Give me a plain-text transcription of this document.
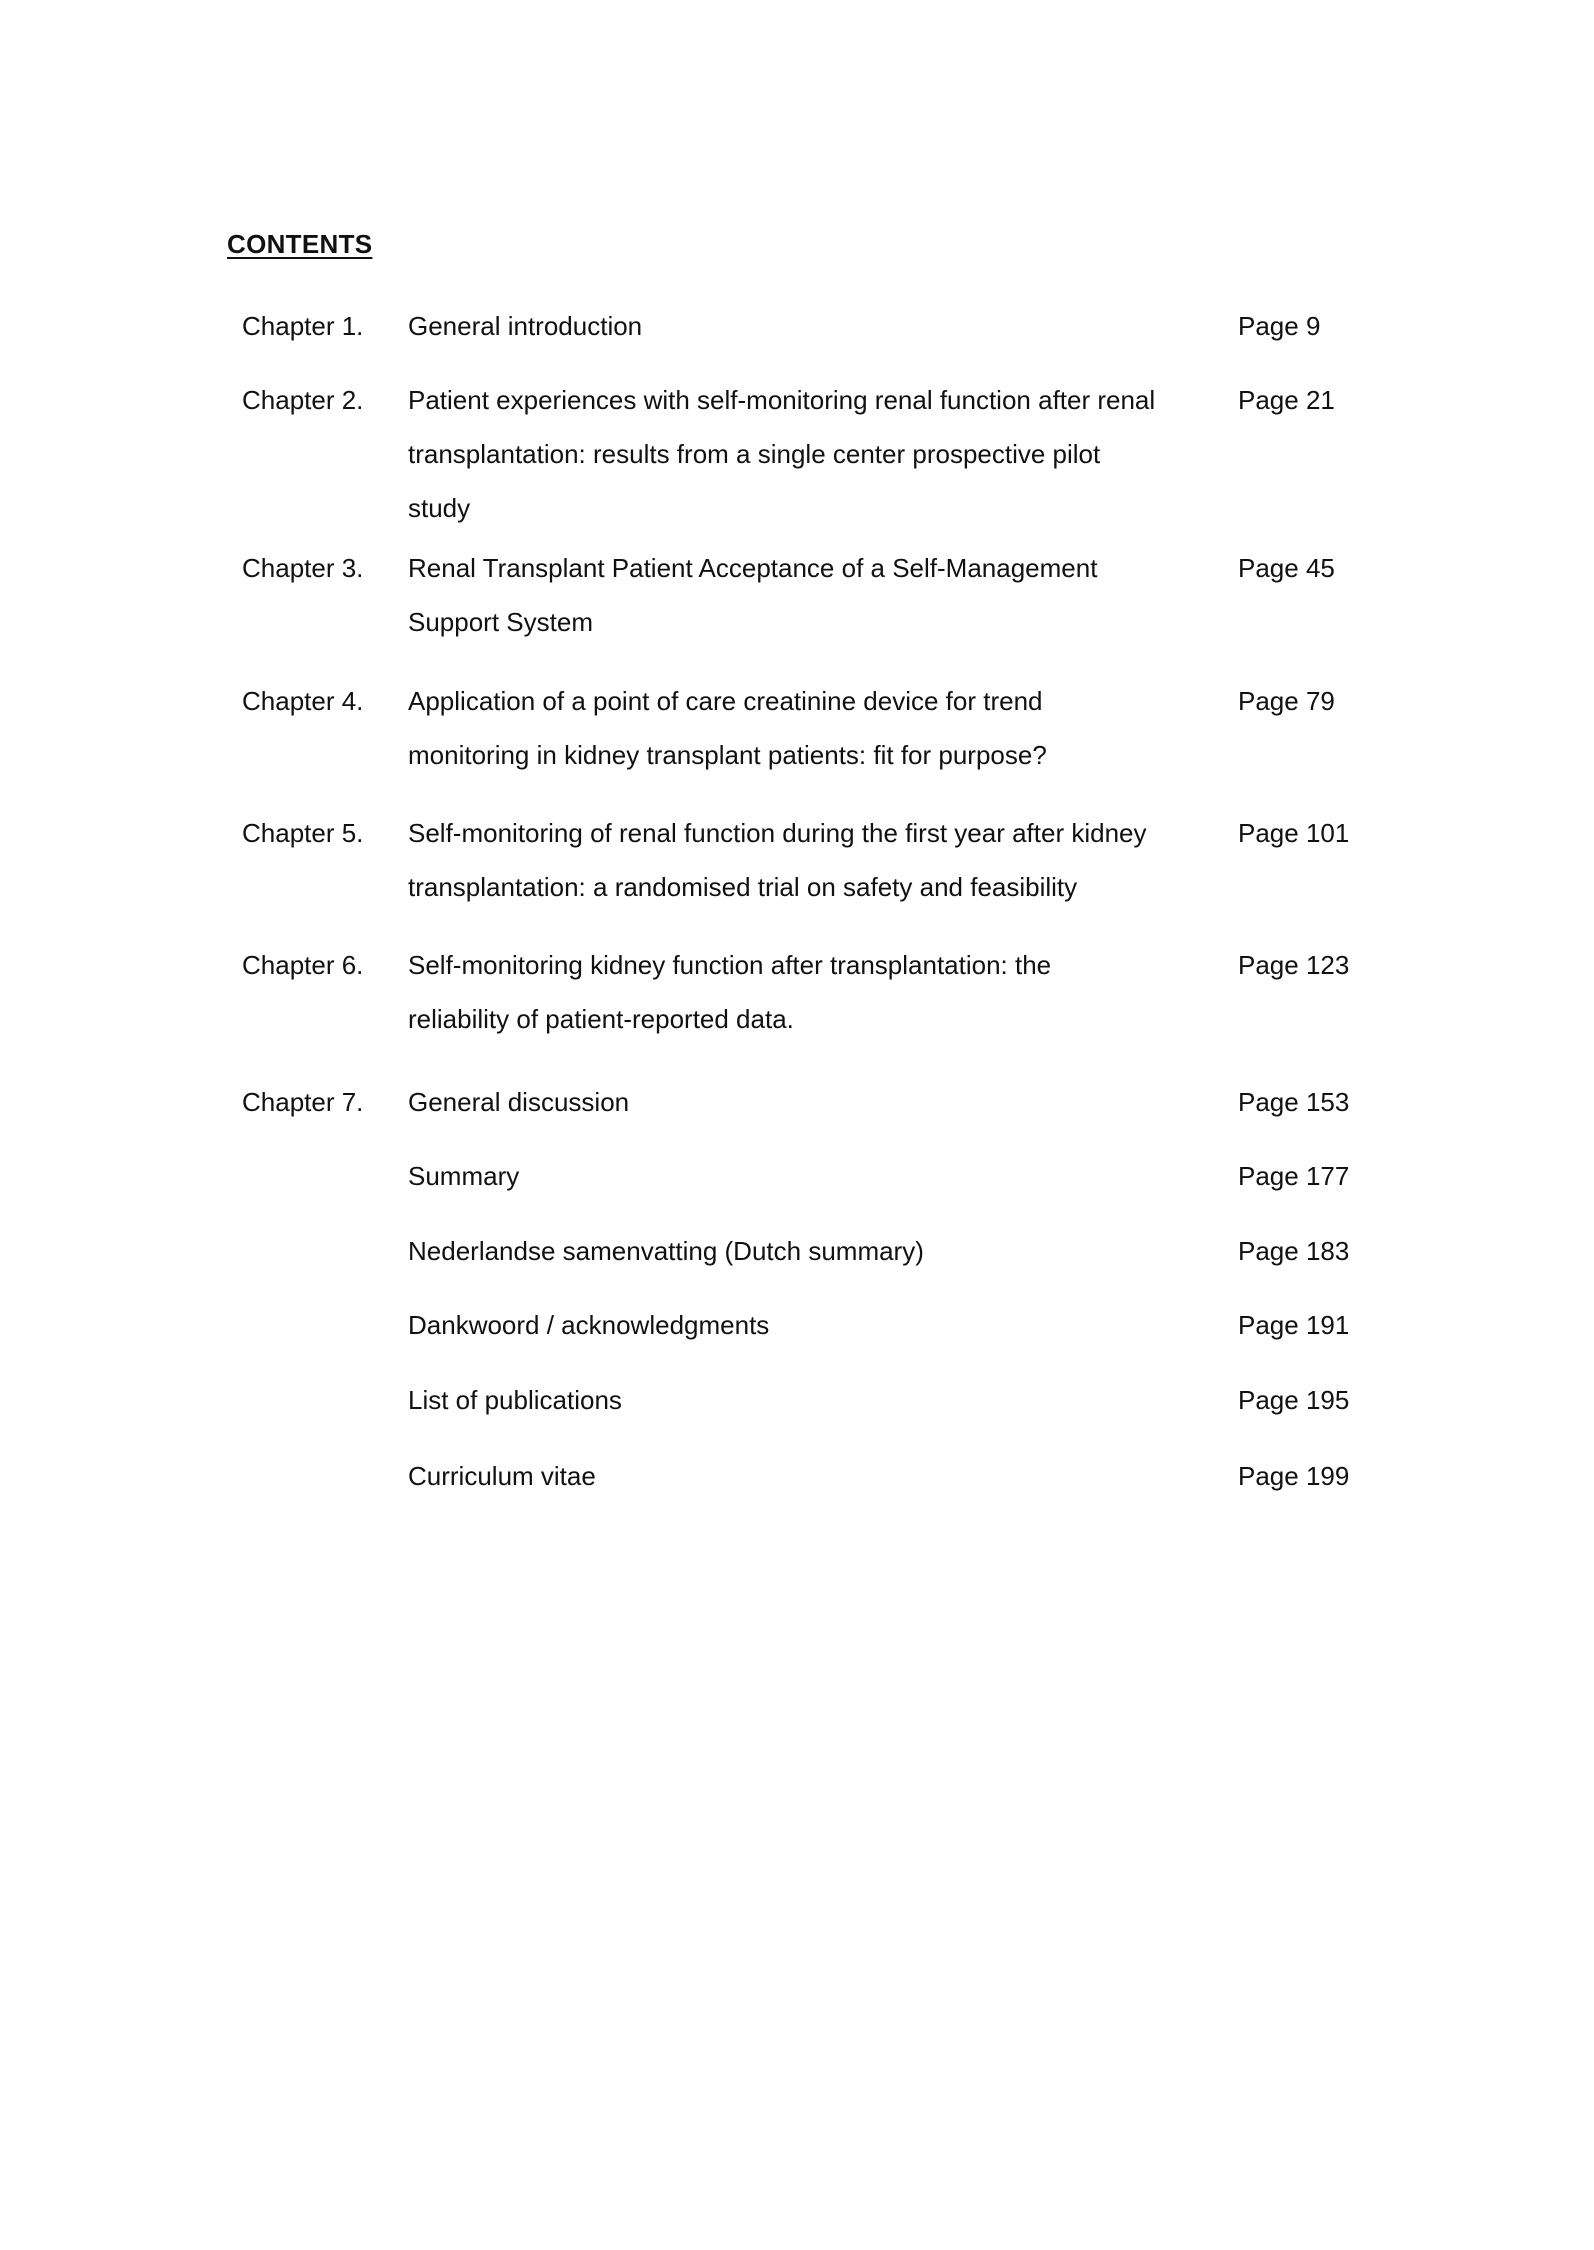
CONTENTS
Chapter 1. General introduction	Page 9
Chapter 2. Patient experiences with self-monitoring renal function after renal
transplantation: results from a single center prospective pilot
study
Page 21
Chapter 3. Renal Transplant Patient Acceptance of a Self-Management
Support System
Page 45
Chapter 4. Application of a point of care creatinine device for trend
monitoring in kidney transplant patients: fit for purpose?
Page 79
Chapter 5. Self-monitoring of renal function during the first year after kidney
transplantation: a randomised trial on safety and feasibility
Page 101
Chapter 6. Self-monitoring kidney function after transplantation: the
reliability of patient-reported data.
Page 123
Chapter 7. General discussion	Page 153
Summary	Page 177
Nederlandse samenvatting (Dutch summary)	Page 183
Dankwoord / acknowledgments	Page 191
List of publications	Page 195
Curriculum vitae	Page 199
